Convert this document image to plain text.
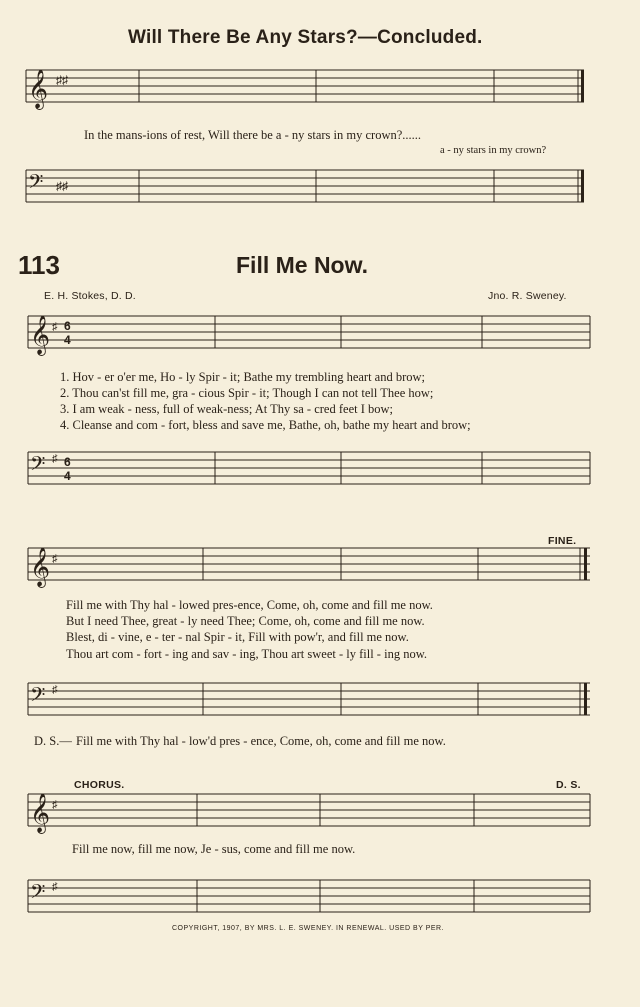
Will There Be Any Stars?—Concluded.
𝄞 ♯♯
In the mans-ions of rest, Will there be a - ny stars in my crown?......
a - ny stars in my crown?
𝄢 ♯♯
113	Fill Me Now.
E. H. Stokes, D. D.	Jno. R. Sweney.
𝄞 ♯ 6
4
1. Hov - er o'er me, Ho - ly Spir - it; Bathe my trembling heart and brow;
2. Thou can'st fill me, gra - cious Spir - it; Though I can not tell Thee how;
3. I am weak - ness, full of weak-ness; At Thy sa - cred feet I bow;
4. Cleanse and com - fort, bless and save me, Bathe, oh, bathe my heart and brow;
𝄢 ♯ 6
4
FINE.
𝄞 ♯
Fill me with Thy hal - lowed pres-ence, Come, oh, come and fill me now.
But I need Thee, great - ly need Thee; Come, oh, come and fill me now.
Blest, di - vine, e - ter - nal Spir - it, Fill with pow'r, and fill me now.
Thou art com - fort - ing and sav - ing, Thou art sweet - ly fill - ing now.
𝄢 ♯
D. S.— Fill me with Thy hal - low'd pres - ence, Come, oh, come and fill me now.
CHORUS.	D. S.
𝄞 ♯
Fill me now, fill me now, Je - sus, come and fill me now.
𝄢 ♯
COPYRIGHT, 1907, BY MRS. L. E. SWENEY. IN RENEWAL. USED BY PER.
